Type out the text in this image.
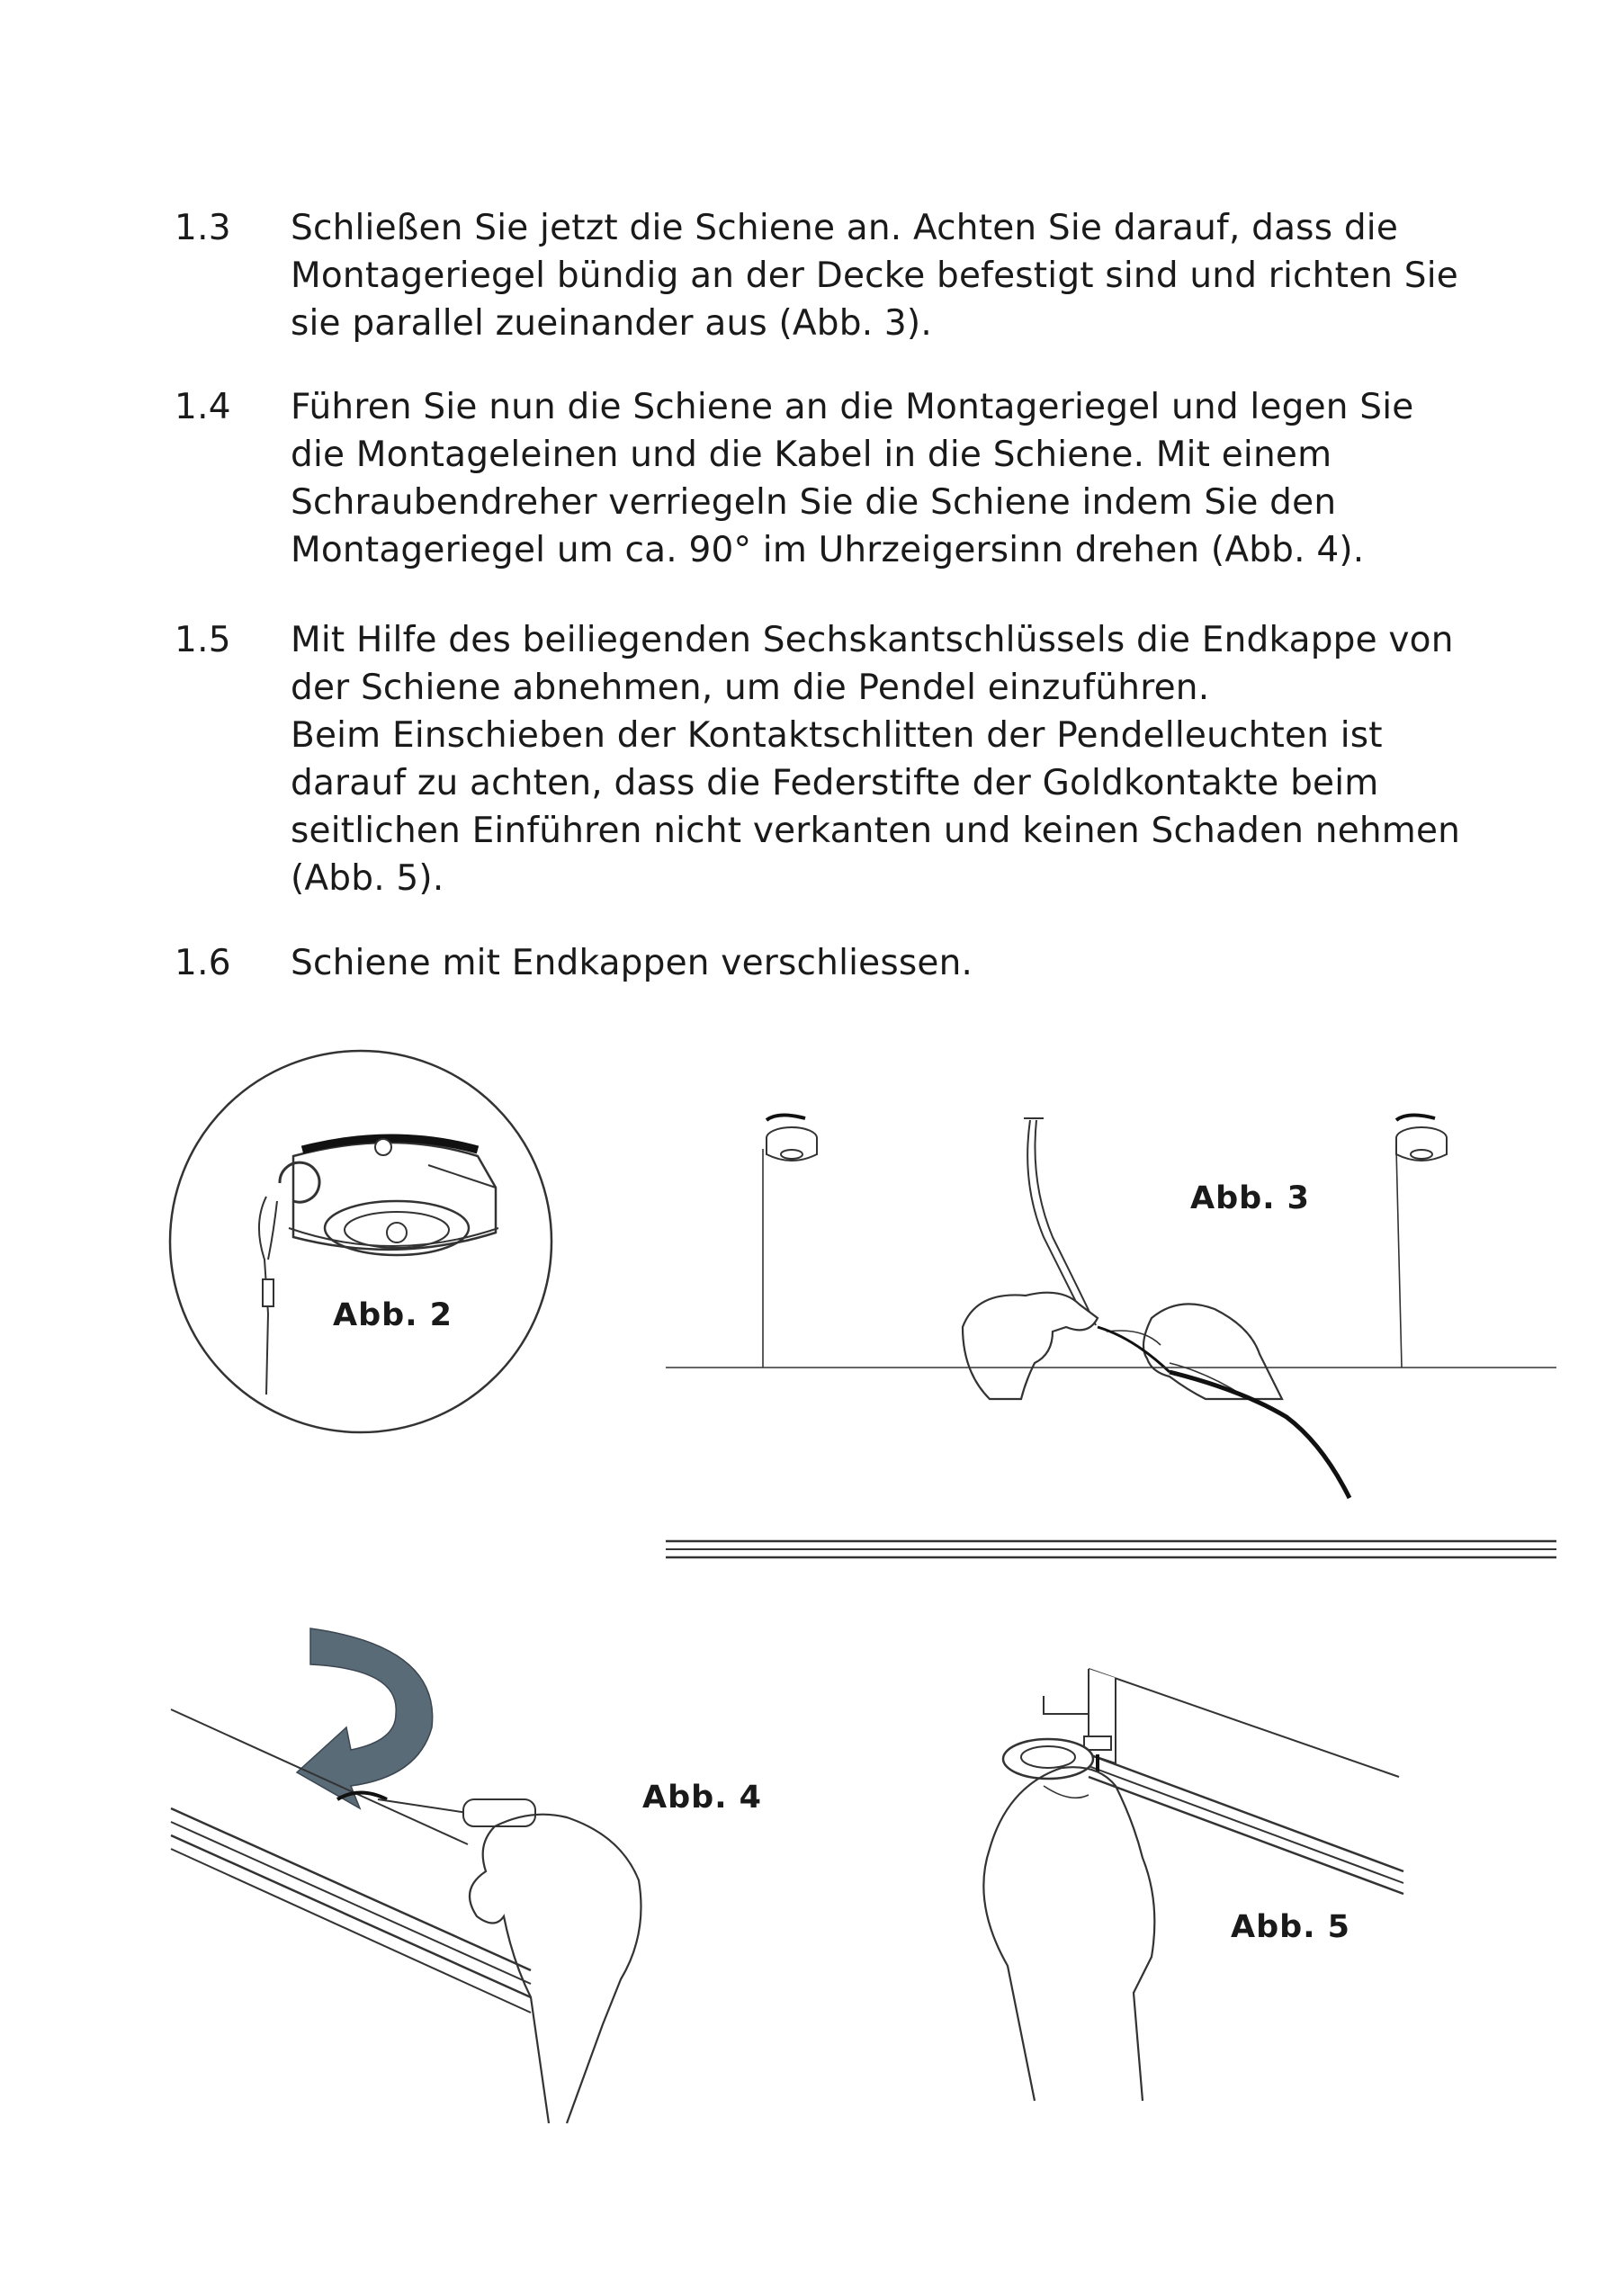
1.3 Schließen Sie jetzt die Schiene an. Achten Sie darauf, dass die
Montageriegel bündig an der Decke befestigt sind und richten Sie
sie parallel zueinander aus (Abb. 3).
1.4 Führen Sie nun die Schiene an die Montageriegel und legen Sie
die Montageleinen und die Kabel in die Schiene. Mit einem
Schraubendreher verriegeln Sie die Schiene indem Sie den
Montageriegel um ca. 90° im Uhrzeigersinn drehen (Abb. 4).
1.5 Mit Hilfe des beiliegenden Sechskantschlüssels die Endkappe von
der Schiene abnehmen, um die Pendel einzuführen.
Beim Einschieben der Kontaktschlitten der Pendelleuchten ist
darauf zu achten, dass die Federstifte der Goldkontakte beim
seitlichen Einführen nicht verkanten und keinen Schaden nehmen
(Abb. 5).
1.6 Schiene mit Endkappen verschliessen.
Abb. 2
Abb. 3
Abb. 4
Abb. 5
